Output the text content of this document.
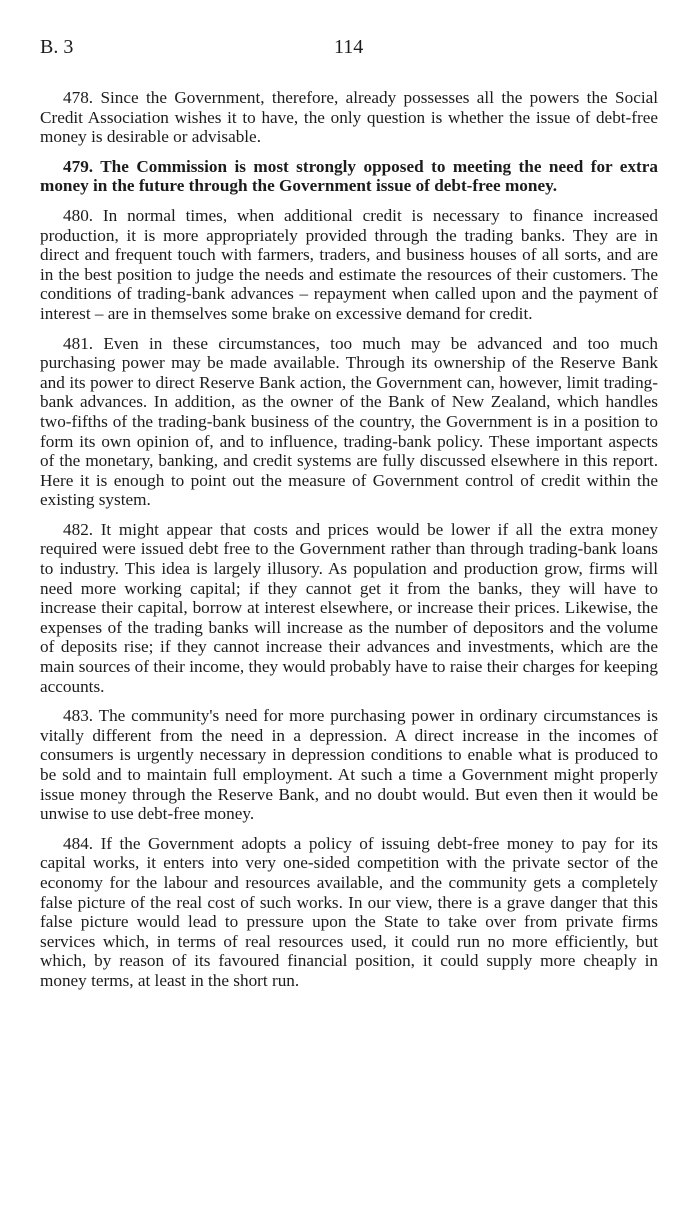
B. 3	114

478. Since the Government, therefore, already possesses all the powers the Social Credit Association wishes it to have, the only question is whether the issue of debt-free money is desirable or advisable.

479. The Commission is most strongly opposed to meeting the need for extra money in the future through the Government issue of debt-free money.

480. In normal times, when additional credit is necessary to finance increased production, it is more appropriately provided through the trading banks. They are in direct and frequent touch with farmers, traders, and business houses of all sorts, and are in the best position to judge the needs and estimate the resources of their customers. The conditions of trading-bank advances – repayment when called upon and the payment of interest – are in themselves some brake on excessive demand for credit.

481. Even in these circumstances, too much may be advanced and too much purchasing power may be made available. Through its ownership of the Reserve Bank and its power to direct Reserve Bank action, the Government can, however, limit trading-bank advances. In addition, as the owner of the Bank of New Zealand, which handles two-fifths of the trading-bank business of the country, the Government is in a position to form its own opinion of, and to influence, trading-bank policy. These important aspects of the monetary, banking, and credit systems are fully discussed elsewhere in this report. Here it is enough to point out the measure of Government control of credit within the existing system.

482. It might appear that costs and prices would be lower if all the extra money required were issued debt free to the Government rather than through trading-bank loans to industry. This idea is largely illusory. As population and production grow, firms will need more working capital; if they cannot get it from the banks, they will have to increase their capital, borrow at interest elsewhere, or increase their prices. Likewise, the expenses of the trading banks will increase as the number of depositors and the volume of deposits rise; if they cannot increase their advances and investments, which are the main sources of their income, they would probably have to raise their charges for keeping accounts.

483. The community's need for more purchasing power in ordinary circumstances is vitally different from the need in a depression. A direct increase in the incomes of consumers is urgently necessary in depression conditions to enable what is produced to be sold and to maintain full employment. At such a time a Government might properly issue money through the Reserve Bank, and no doubt would. But even then it would be unwise to use debt-free money.

484. If the Government adopts a policy of issuing debt-free money to pay for its capital works, it enters into very one-sided competition with the private sector of the economy for the labour and resources available, and the community gets a completely false picture of the real cost of such works. In our view, there is a grave danger that this false picture would lead to pressure upon the State to take over from private firms services which, in terms of real resources used, it could run no more efficiently, but which, by reason of its favoured financial position, it could supply more cheaply in money terms, at least in the short run.
